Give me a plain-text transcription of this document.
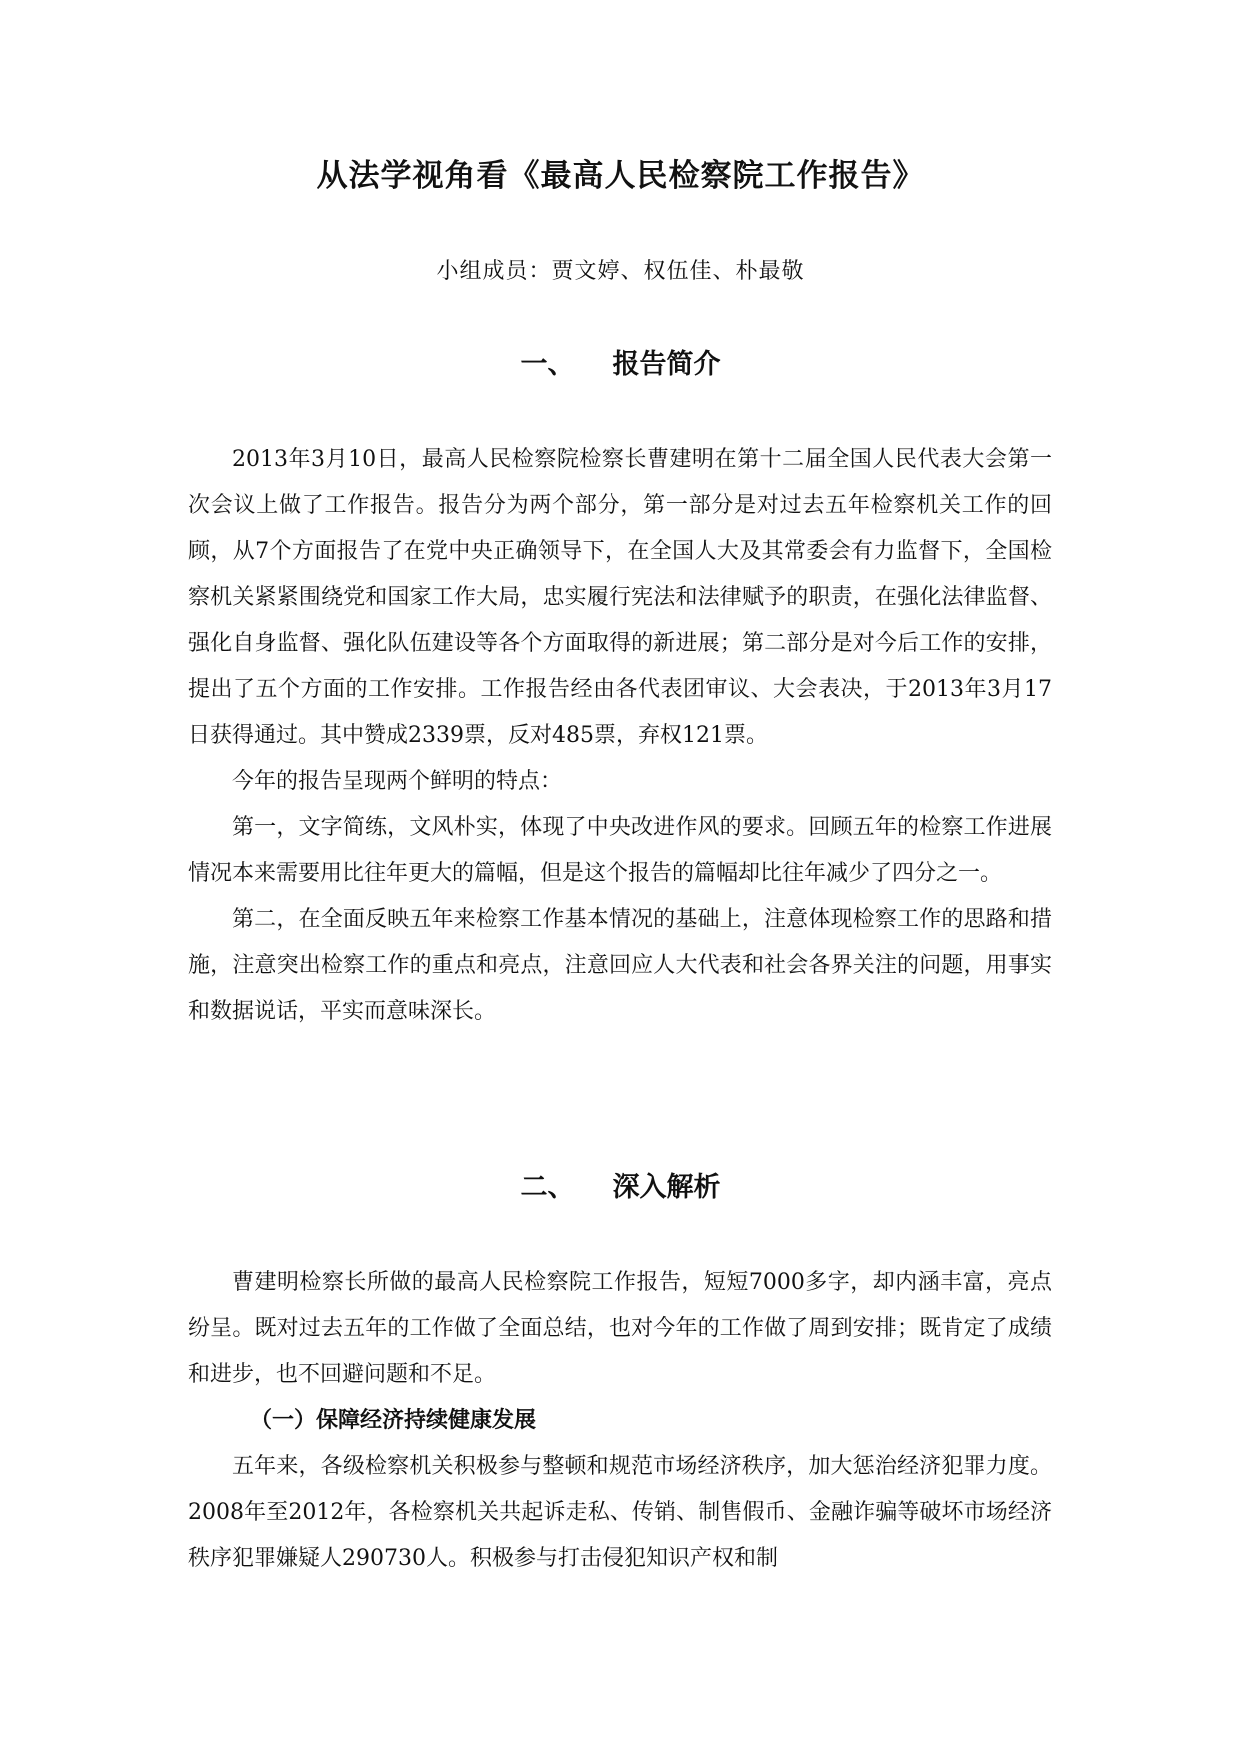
从法学视角看《最高人民检察院工作报告》
小组成员：贾文婷、权伍佳、朴最敬
一、 报告简介

2013年3月10日，最高人民检察院检察长曹建明在第十二届全国人民代表大会第一次会议上做了工作报告。报告分为两个部分，第一部分是对过去五年检察机关工作的回顾，从7个方面报告了在党中央正确领导下，在全国人大及其常委会有力监督下，全国检察机关紧紧围绕党和国家工作大局，忠实履行宪法和法律赋予的职责，在强化法律监督、强化自身监督、强化队伍建设等各个方面取得的新进展；第二部分是对今后工作的安排，提出了五个方面的工作安排。工作报告经由各代表团审议、大会表决，于2013年3月17日获得通过。其中赞成2339票，反对485票，弃权121票。

今年的报告呈现两个鲜明的特点：

第一，文字简练，文风朴实，体现了中央改进作风的要求。回顾五年的检察工作进展情况本来需要用比往年更大的篇幅，但是这个报告的篇幅却比往年减少了四分之一。

第二，在全面反映五年来检察工作基本情况的基础上，注意体现检察工作的思路和措施，注意突出检察工作的重点和亮点，注意回应人大代表和社会各界关注的问题，用事实和数据说话，平实而意味深长。

二、 深入解析

曹建明检察长所做的最高人民检察院工作报告，短短7000多字，却内涵丰富，亮点纷呈。既对过去五年的工作做了全面总结，也对今年的工作做了周到安排；既肯定了成绩和进步，也不回避问题和不足。

（一）保障经济持续健康发展

五年来，各级检察机关积极参与整顿和规范市场经济秩序，加大惩治经济犯罪力度。2008年至2012年，各检察机关共起诉走私、传销、制售假币、金融诈骗等破坏市场经济秩序犯罪嫌疑人290730人。积极参与打击侵犯知识产权和制
